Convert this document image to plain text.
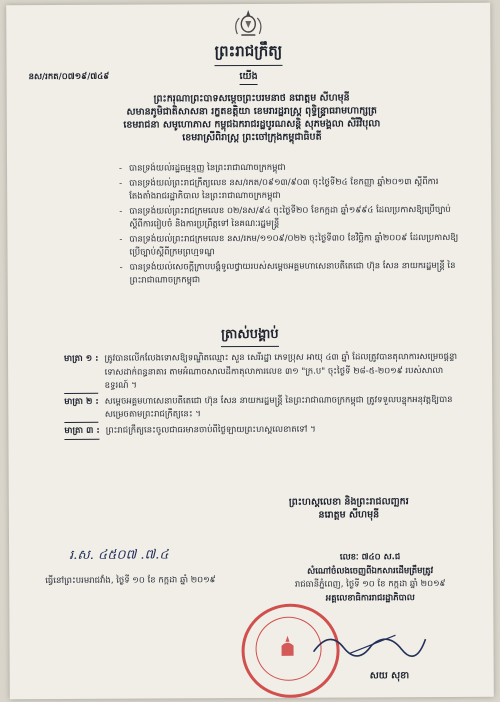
ព្រះរាជក្រឹត្យ
នស/រកត/០៧១៩/៧៤៩	យើង
ព្រះករុណាព្រះបាទសម្ដេចព្រះបរមនាថ នរោត្ដម សីហមុនី
សមានភូមិជាតិសាសនា រក្ខតខត្តិយា ខេមរារដ្ឋរាស្ដ្រ ពុទ្ធិន្ទ្រាធរាមហាក្សត្រ
ខេមរាជនា សមូហោភាស កម្ពុជឯករាជរដ្ឋបូរណសន្ដិ សុភមង្គលា សិរីវិបុលា
ខេមរាស្រីពិរាស្ដ្រ ព្រះចៅក្រុងកម្ពុជាធិបតី
- បានទ្រង់យល់រដ្ឋធម្មនុញ្ញ នៃព្រះរាជាណាចក្រកម្ពុជា
- បានទ្រង់យល់ព្រះរាជក្រឹត្យលេខ នស/រកត/០៩១៣/៩០៣ ចុះថ្ងៃទី២៤ ខែកញ្ញា ឆ្នាំ២០១៣ ស្ដីពីការតែងតាំងរាជរដ្ឋាភិបាល នៃព្រះរាជាណាចក្រកម្ពុជា
- បានទ្រង់យល់ព្រះរាជក្រមលេខ ០២/នស/៩៤ ចុះថ្ងៃទី២០ ខែកក្កដា ឆ្នាំ១៩៩៤ ដែលប្រកាសឱ្យប្រើច្បាប់ស្ដីពីការរៀបចំ និងការប្រព្រឹត្តទៅ នៃគណៈរដ្ឋមន្ត្រី
- បានទ្រង់យល់ព្រះរាជក្រមលេខ នស/រកម/១១០៩/០២២ ចុះថ្ងៃទី៣០ ខែវិច្ឆិកា ឆ្នាំ២០០៩ ដែលប្រកាសឱ្យប្រើច្បាប់ស្ដីពីក្រមព្រហ្មទណ្ឌ
- បានទ្រង់យល់សេចក្ដីក្រាបបង្គំទូលថ្វាយរបស់សម្ដេចអគ្គមហាសេនាបតីតេជោ ហ៊ុន សែន នាយករដ្ឋមន្ត្រី នៃព្រះរាជាណាចក្រកម្ពុជា
ត្រាស់បង្គាប់
មាត្រា ១ : ត្រូវបានលើកលែងទោសឱ្យទណ្ឌិតឈ្មោះ សួន សេរីរដ្ឋា ភេទប្រុស អាយុ ៤៣ ឆ្នាំ ដែលត្រូវបានតុលាការសម្រេចផ្ដន្ទាទោសដាក់ពន្ធនាគារ តាមអំណាចសាលដីកាតុលាការលេខ ៣១ "ក្រ.ប" ចុះថ្ងៃទី ២៨-៥-២០១៩ របស់សាលាឧទ្ធរណ៍ ។
មាត្រា ២ : សម្ដេចអគ្គមហាសេនាបតីតេជោ ហ៊ុន សែន នាយករដ្ឋមន្ត្រី នៃព្រះរាជាណាចក្រកម្ពុជា ត្រូវទទួលបន្ទុកអនុវត្តឱ្យបានសម្រេចតាមព្រះរាជក្រឹត្យនេះ ។
មាត្រា ៣ : ព្រះរាជក្រឹត្យនេះចូលជាធរមានចាប់ពីថ្ងៃឡាយព្រះហស្ដលេខាតទៅ ។
ព្រះហស្តលេខា និងព្រះរាជលញ្ឆករ
នរោត្ដម សីហមុនី
រ.ស. ៤៥០៧ .៧.៤
ធ្វើនៅព្រះបរមរាជវាំង, ថ្ងៃទី ១០ ខែ កក្កដា ឆ្នាំ ២០១៩
លេខៈ ៧៤០ ស.ជ
សំណៅចំលងចេញពីឯកសារដើមត្រឹមត្រូវ
រាជធានីភ្នំពេញ, ថ្ងៃទី ១០ ខែ កក្កដា ឆ្នាំ ២០១៩
អគ្គលេខាធិការរាជរដ្ឋាភិបាល
សយ សុខា
